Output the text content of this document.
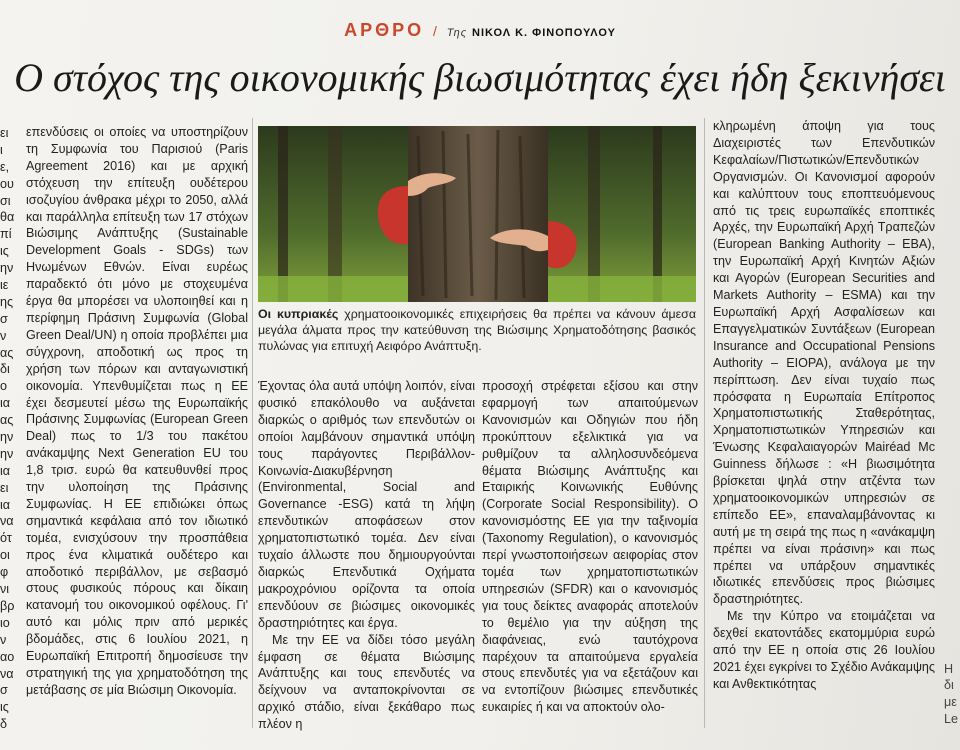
ΑΡΘΡΟ / Της ΝΙΚΟΛ Κ. ΦΙΝΟΠΟΥΛΟΥ
Ο στόχος της οικονομικής βιωσιμότητας έχει ήδη ξεκινήσει
ει
ι
ε,
ου
σι
θα
πί
ις
ην
ιε
ης
σ
ν
ας
δι
ο
ια
ας
ην
ην
ια
ει
ια
να
ότ
οι
φ
νι
βρ
ιο
ν
αο
να
σ
ις
δ

επενδύσεις οι οποίες να υποστηρίζουν τη Συμφωνία του Παρισιού (Paris Agreement 2016) και με αρχική στόχευση την επίτευξη ουδέτερου ισοζυγίου άνθρακα μέχρι το 2050, αλλά και παράλληλα επίτευξη των 17 στόχων Βιώσιμης Ανάπτυξης (Sustainable Development Goals - SDGs) των Ηνωμένων Εθνών. Είναι ευρέως παραδεκτό ότι μόνο με στοχευμένα έργα θα μπορέσει να υλοποιηθεί και η περίφημη Πράσινη Συμφωνία (Global Green Deal/UN) η οποία προβλέπει μια σύγχρονη, αποδοτική ως προς τη χρήση των πόρων και ανταγωνιστική οικονομία. Υπενθυμίζεται πως η ΕΕ έχει δεσμευτεί μέσω της Ευρωπαϊκής Πράσινης Συμφωνίας (European Green Deal) πως το 1/3 του πακέτου ανάκαμψης Next Generation EU του 1,8 τρισ. ευρώ θα κατευθυνθεί προς την υλοποίηση της Πράσινης Συμφωνίας. Η ΕΕ επιδιώκει όπως σημαντικά κεφάλαια από τον ιδιωτικό τομέα, ενισχύσουν την προσπάθεια προς ένα κλιματικά ουδέτερο και αποδοτικό περιβάλλον, με σεβασμό στους φυσικούς πόρους και δίκαιη κατανομή του οικονομικού οφέλους. Γι' αυτό και μόλις πριν από μερικές βδομάδες, στις 6 Ιουλίου 2021, η Ευρωπαϊκή Επιτροπή δημοσίευσε την στρατηγική της για χρηματοδότηση της μετάβασης σε μία Βιώσιμη Οικονομία.

Οι κυπριακές χρηματοοικονομικές επιχειρήσεις θα πρέπει να κάνουν άμεσα μεγάλα άλματα προς την κατεύθυνση της Βιώσιμης Χρηματοδότησης βασικός πυλώνας για επιτυχή Αειφόρο Ανάπτυξη.

Έχοντας όλα αυτά υπόψη λοιπόν, είναι φυσικό επακόλουθο να αυξάνεται διαρκώς ο αριθμός των επενδυτών οι οποίοι λαμβάνουν σημαντικά υπόψη τους παράγοντες Περιβάλλον-Κοινωνία-Διακυβέρνηση (Environmental, Social and Governance -ESG) κατά τη λήψη επενδυτικών αποφάσεων στον χρηματοπιστωτικό τομέα. Δεν είναι τυχαίο άλλωστε που δημιουργούνται διαρκώς Επενδυτικά Οχήματα μακροχρόνιου ορίζοντα τα οποία επενδύουν σε βιώσιμες οικονομικές δραστηριότητες και έργα.

Με την ΕΕ να δίδει τόσο μεγάλη έμφαση σε θέματα Βιώσιμης Ανάπτυξης και τους επενδυτές να δείχνουν να ανταποκρίνονται σε αρχικό στάδιο, είναι ξεκάθαρο πως πλέον η

προσοχή στρέφεται εξίσου και στην εφαρμογή των απαιτούμενων Κανονισμών και Οδηγιών που ήδη προκύπτουν εξελικτικά για να ρυθμίζουν τα αλληλοσυνδεόμενα θέματα Βιώσιμης Ανάπτυξης και Εταιρικής Κοινωνικής Ευθύνης (Corporate Social Responsibility). Ο κανονισμόστης ΕΕ για την ταξινομία (Taxonomy Regulation), ο κανονισμός περί γνωστοποιήσεων αειφορίας στον τομέα των χρηματοπιστωτικών υπηρεσιών (SFDR) και ο κανονισμός για τους δείκτες αναφοράς αποτελούν το θεμέλιο για την αύξηση της διαφάνειας, ενώ ταυτόχρονα παρέχουν τα απαιτούμενα εργαλεία στους επενδυτές για να εξετάζουν και να εντοπίζουν βιώσιμες επενδυτικές ευκαιρίες ή και να αποκτούν ολο-

κληρωμένη άποψη για τους Διαχειριστές των Επενδυτικών Κεφαλαίων/Πιστωτικών/Επενδυτικών Οργανισμών. Οι Κανονισμοί αφορούν και καλύπτουν τους εποπτευόμενους από τις τρεις ευρωπαϊκές εποπτικές Αρχές, την Ευρωπαϊκή Αρχή Τραπεζών (European Banking Authority – EBA), την Ευρωπαϊκή Αρχή Κινητών Αξιών και Αγορών (European Securities and Markets Authority – ESMA) και την Ευρωπαϊκή Αρχή Ασφαλίσεων και Επαγγελματικών Συντάξεων (European Insurance and Occupational Pensions Authority – EIOPA), ανάλογα με την περίπτωση. Δεν είναι τυχαίο πως πρόσφατα η Ευρωπαία Επίτροπος Χρηματοπιστωτικής Σταθερότητας, Χρηματοπιστωτικών Υπηρεσιών και Ένωσης Κεφαλαιαγορών Mairéad Mc Guinness δήλωσε : «Η βιωσιμότητα βρίσκεται ψηλά στην ατζέντα των χρηματοοικονομικών υπηρεσιών σε επίπεδο ΕΕ», επαναλαμβάνοντας κι αυτή με τη σειρά της πως η «ανάκαμψη πρέπει να είναι πράσινη» και πως πρέπει να υπάρξουν σημαντικές ιδιωτικές επενδύσεις προς βιώσιμες δραστηριότητες.

Με την Κύπρο να ετοιμάζεται να δεχθεί εκατοντάδες εκατομμύρια ευρώ από την ΕΕ η οποία στις 26 Ιουλίου 2021 έχει εγκρίνει το Σχέδιο Ανάκαμψης και Ανθεκτικότητας

Η
δι
με
Le
